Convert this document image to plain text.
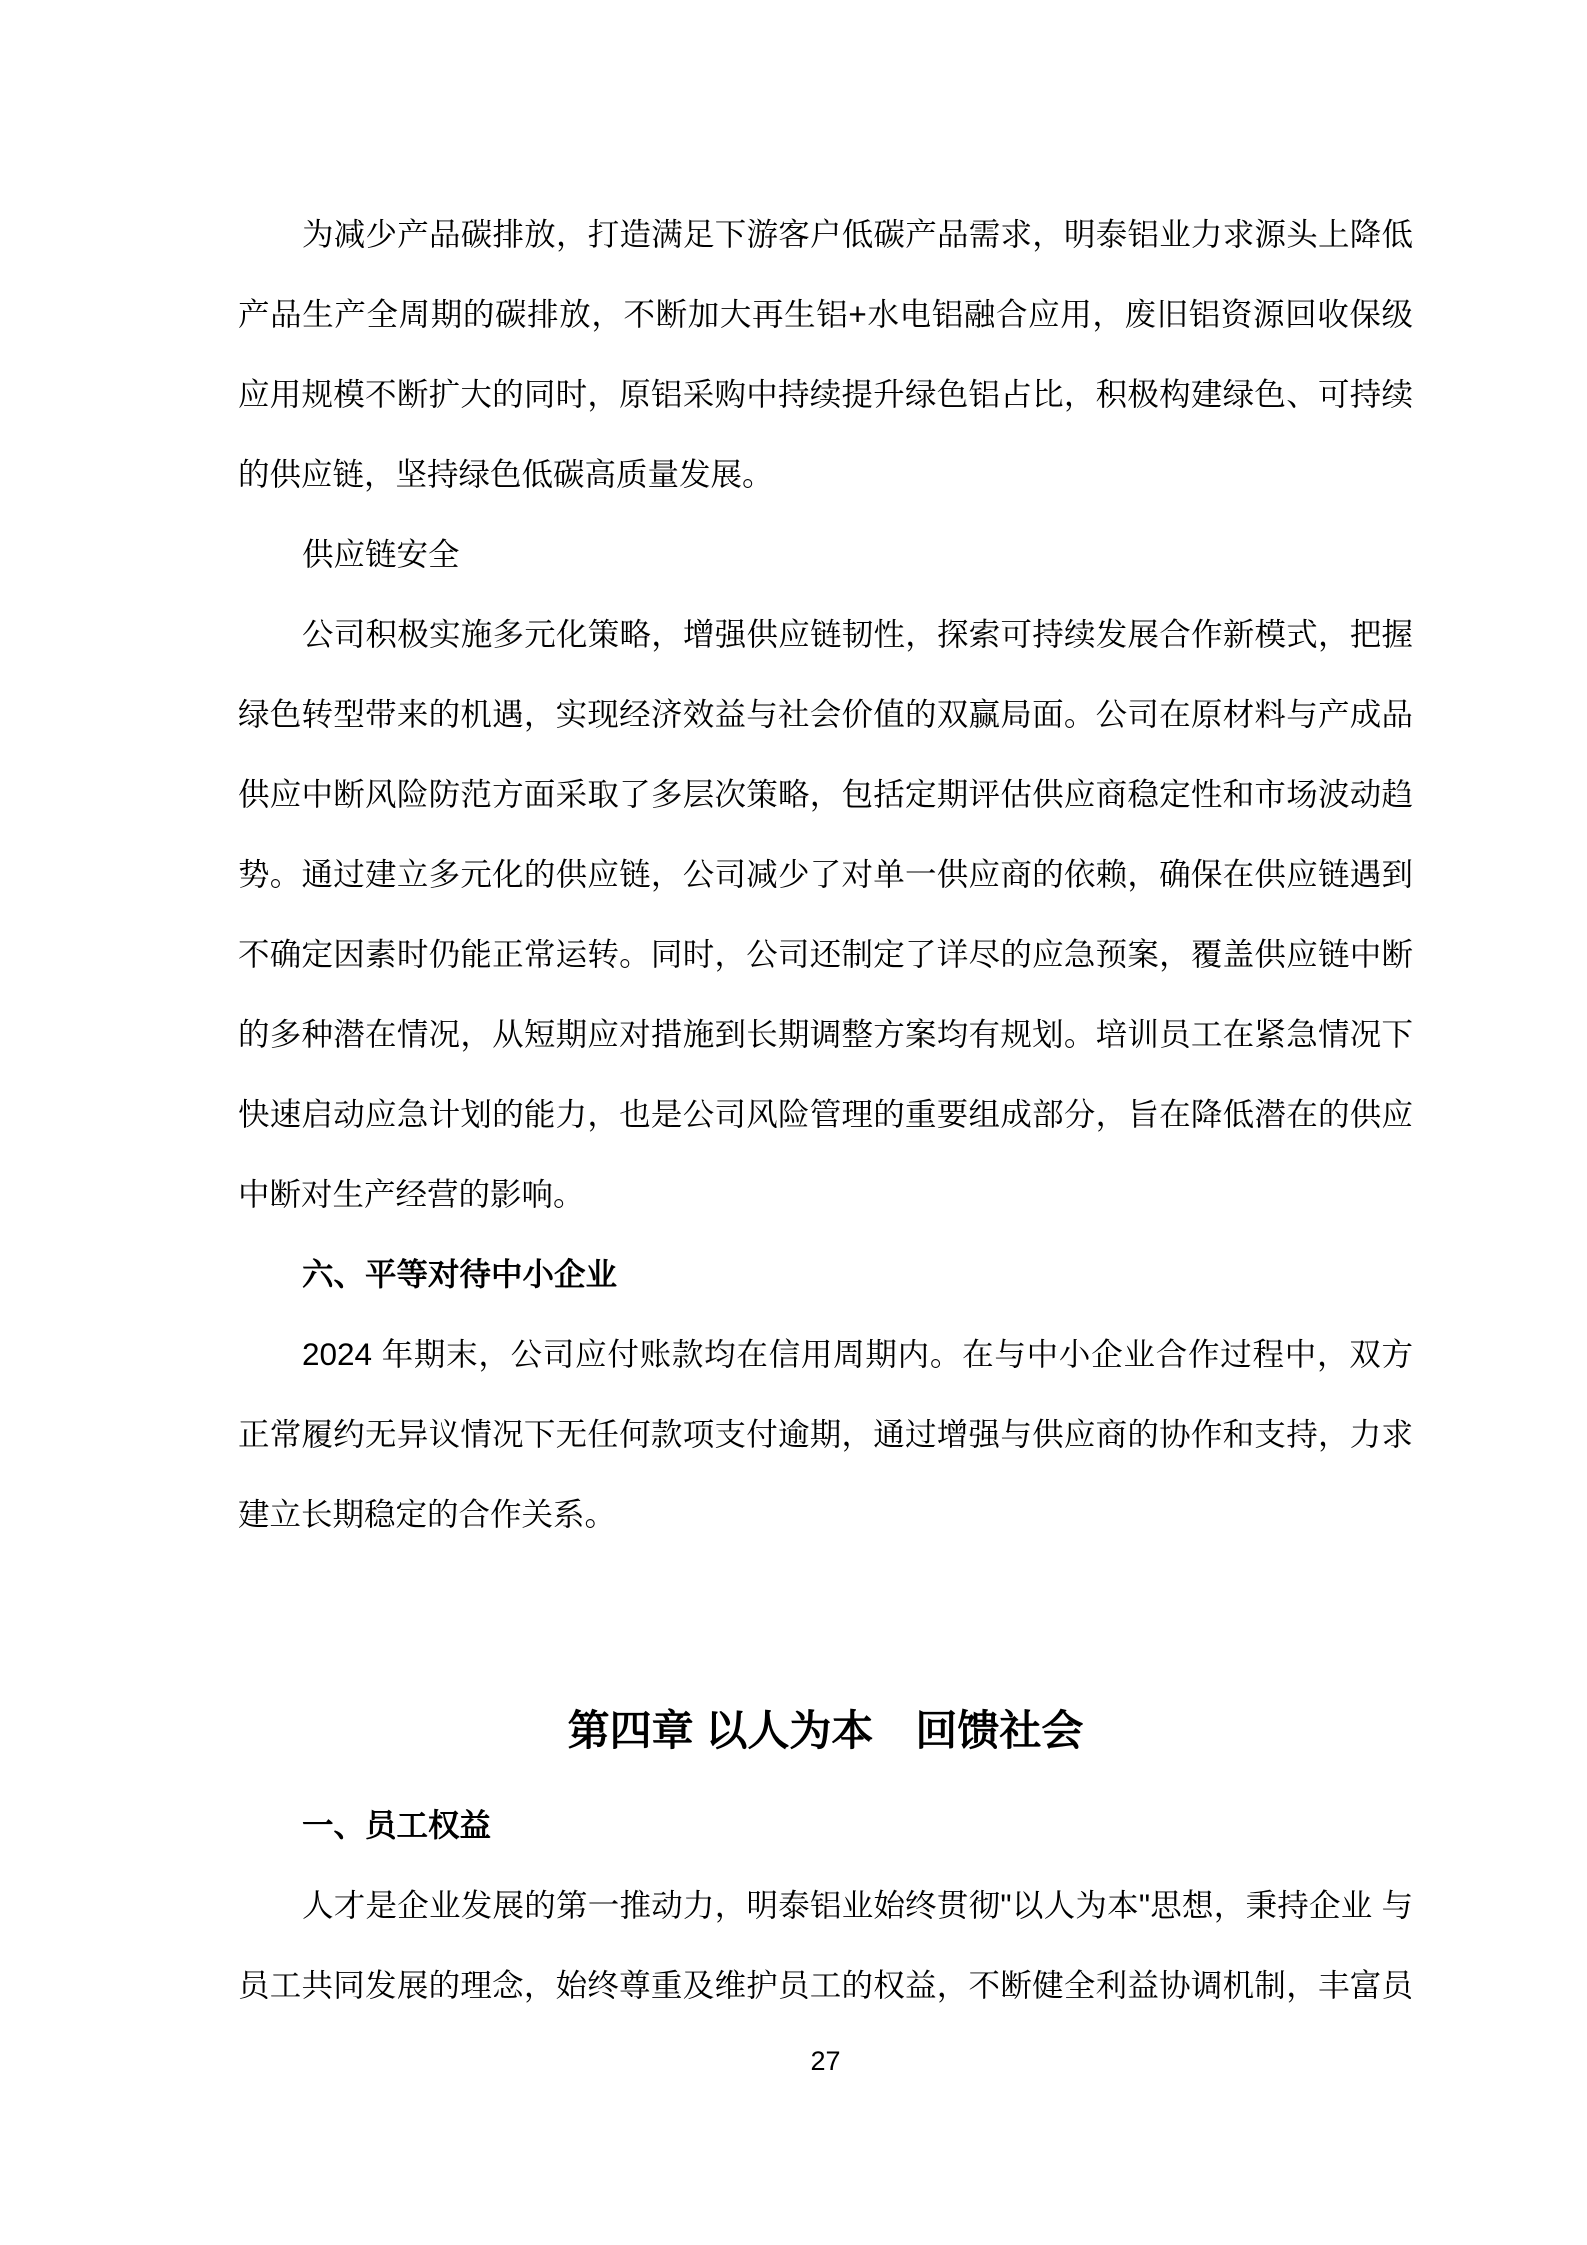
为减少产品碳排放，打造满足下游客户低碳产品需求，明泰铝业力求源头上降低
产品生产全周期的碳排放，不断加大再生铝+水电铝融合应用，废旧铝资源回收保级
应用规模不断扩大的同时，原铝采购中持续提升绿色铝占比，积极构建绿色、可持续
的供应链，坚持绿色低碳高质量发展。
供应链安全
公司积极实施多元化策略，增强供应链韧性，探索可持续发展合作新模式，把握
绿色转型带来的机遇，实现经济效益与社会价值的双赢局面。公司在原材料与产成品
供应中断风险防范方面采取了多层次策略，包括定期评估供应商稳定性和市场波动趋
势。通过建立多元化的供应链，公司减少了对单一供应商的依赖，确保在供应链遇到
不确定因素时仍能正常运转。同时，公司还制定了详尽的应急预案，覆盖供应链中断
的多种潜在情况，从短期应对措施到长期调整方案均有规划。培训员工在紧急情况下
快速启动应急计划的能力，也是公司风险管理的重要组成部分，旨在降低潜在的供应
中断对生产经营的影响。
六、平等对待中小企业
2024 年期末，公司应付账款均在信用周期内。在与中小企业合作过程中，双方
正常履约无异议情况下无任何款项支付逾期，通过增强与供应商的协作和支持，力求
建立长期稳定的合作关系。
第四章 以人为本　回馈社会
一、员工权益
人才是企业发展的第一推动力，明泰铝业始终贯彻"以人为本"思想，秉持企业 与
员工共同发展的理念，始终尊重及维护员工的权益，不断健全利益协调机制，丰富员
27
